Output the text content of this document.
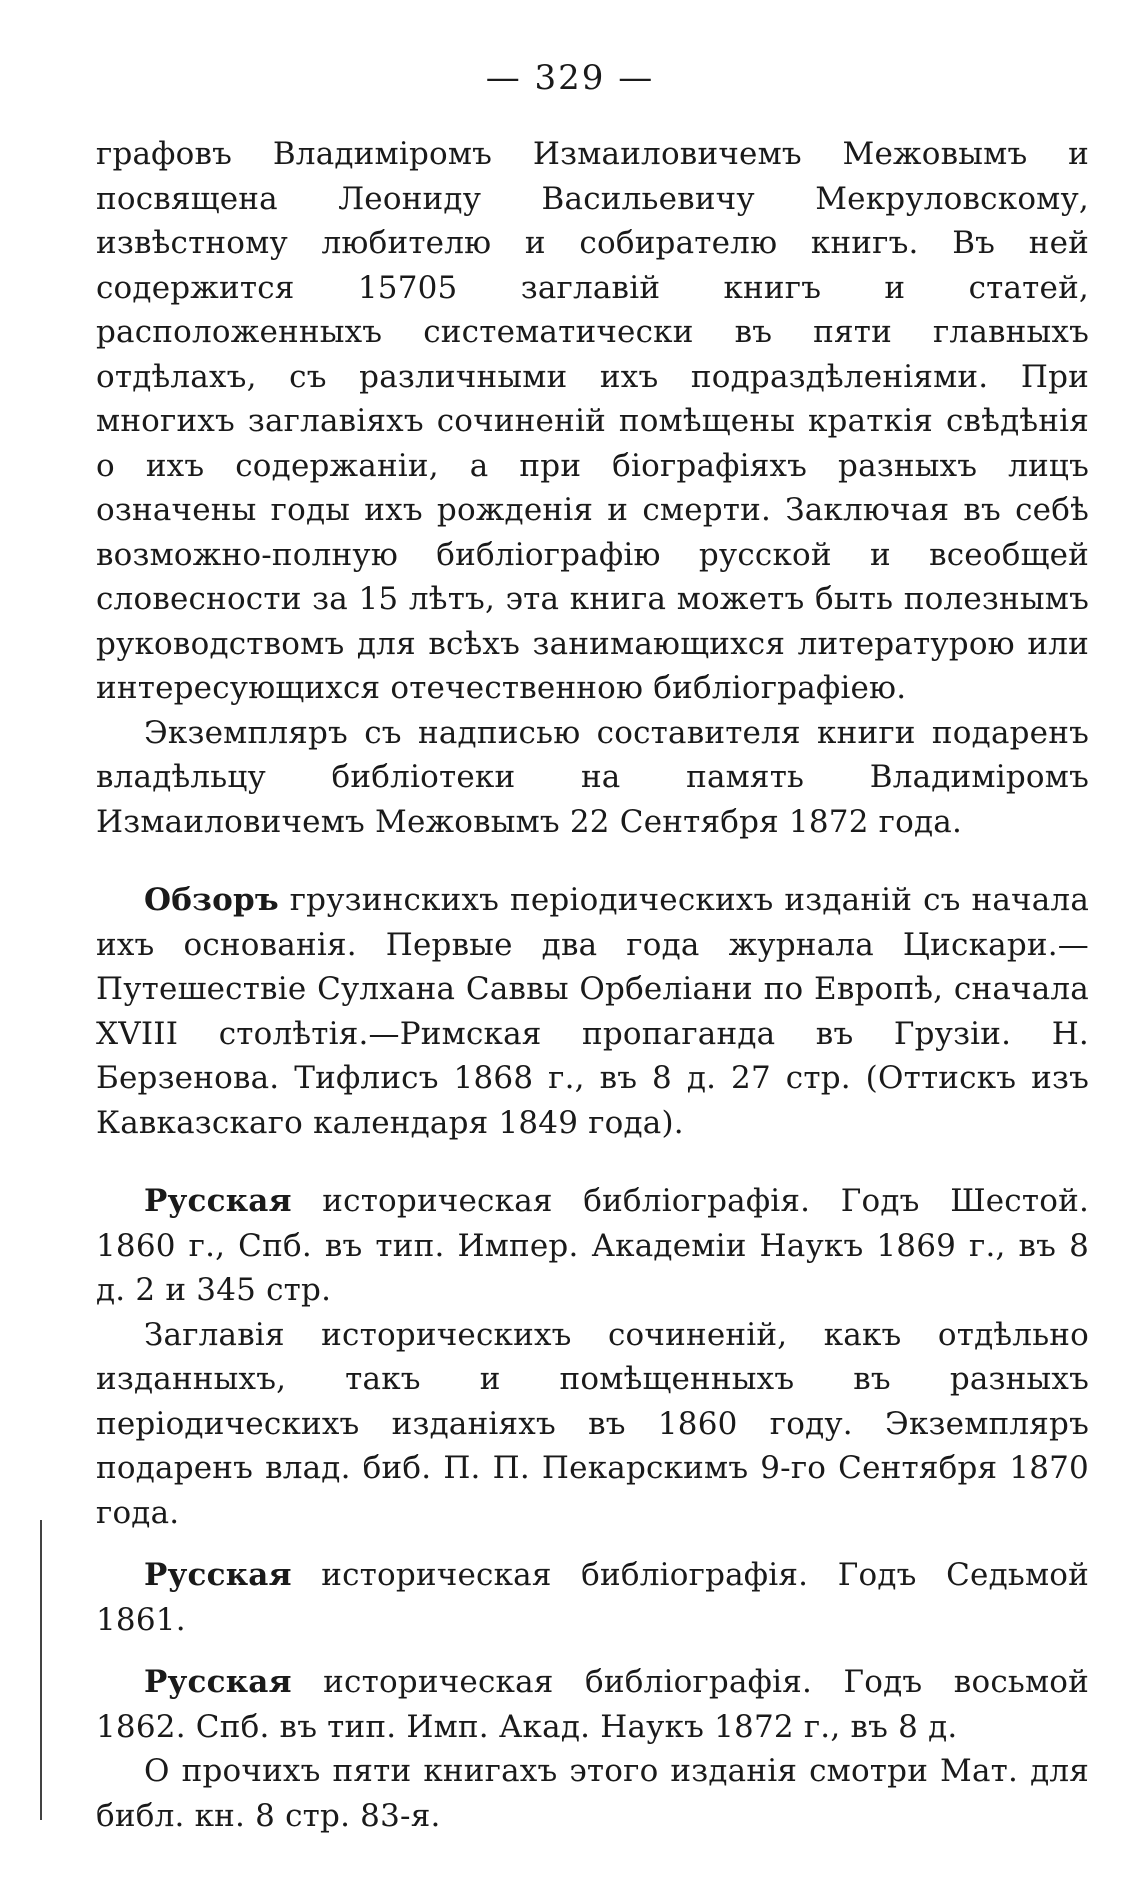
— 329 —

графовъ Владиміромъ Измаиловичемъ Межовымъ и посвящена Леониду Васильевичу Мекруловскому, извѣстному любителю и собирателю книгъ. Въ ней содержится 15705 заглавій книгъ и статей, расположенныхъ систематически въ пяти главныхъ отдѣлахъ, съ различными ихъ подраздѣленіями. При многихъ заглавіяхъ сочиненій помѣщены краткія свѣдѣнія о ихъ содержаніи, а при біографіяхъ разныхъ лицъ означены годы ихъ рожденія и смерти. Заключая въ себѣ возможно-полную библіографію русской и всеобщей словесности за 15 лѣтъ, эта книга можетъ быть полезнымъ руководствомъ для всѣхъ занимающихся литературою или интересующихся отечественною библіографіею.

Экземпляръ съ надписью составителя книги подаренъ владѣльцу библіотеки на память Владиміромъ Измаиловичемъ Межовымъ 22 Сентября 1872 года.

Обзоръ грузинскихъ періодическихъ изданій съ начала ихъ основанія. Первые два года журнала Цискари.—Путешествіе Сулхана Саввы Орбеліани по Европѣ, сначала XVIII столѣтія.—Римская пропаганда въ Грузіи. Н. Берзенова. Тифлисъ 1868 г., въ 8 д. 27 стр. (Оттискъ изъ Кавказскаго календаря 1849 года).

Русская историческая библіографія. Годъ Шестой. 1860 г., Спб. въ тип. Импер. Академіи Наукъ 1869 г., въ 8 д. 2 и 345 стр.

Заглавія историческихъ сочиненій, какъ отдѣльно изданныхъ, такъ и помѣщенныхъ въ разныхъ періодическихъ изданіяхъ въ 1860 году. Экземпляръ подаренъ влад. биб. П. П. Пекарскимъ 9-го Сентября 1870 года.

Русская историческая библіографія. Годъ Седьмой 1861.

Русская историческая библіографія. Годъ восьмой 1862. Спб. въ тип. Имп. Акад. Наукъ 1872 г., въ 8 д.

О прочихъ пяти книгахъ этого изданія смотри Мат. для библ. кн. 8 стр. 83-я.
